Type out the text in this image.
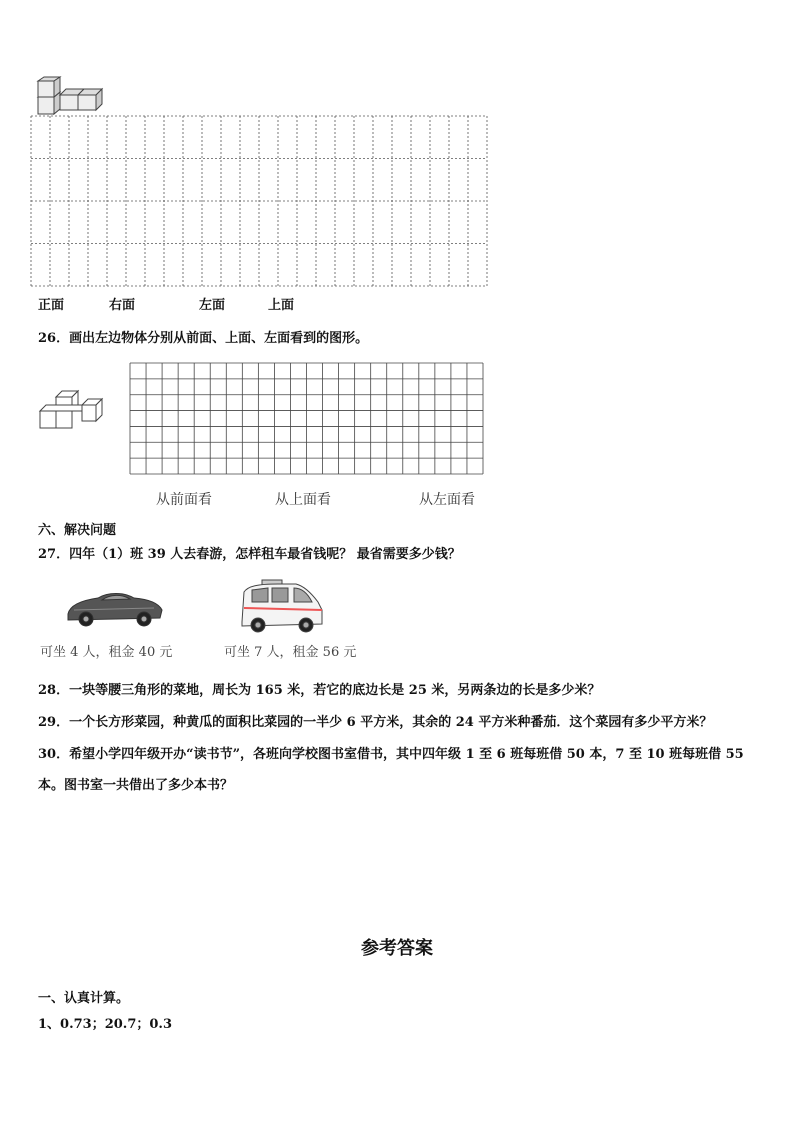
正面	右面	左面	上面
26．画出左边物体分别从前面、上面、左面看到的图形。
从前面看	从上面看	从左面看
六、解决问题
27．四年（1）班 39 人去春游，怎样租车最省钱呢？ 最省需要多少钱？
可坐 4 人，租金 40 元	可坐 7 人，租金 56 元
28．一块等腰三角形的菜地，周长为 165 米，若它的底边长是 25 米，另两条边的长是多少米？
29．一个长方形菜园，种黄瓜的面积比菜园的一半少 6 平方米，其余的 24 平方米种番茄．这个菜园有多少平方米？
30．希望小学四年级开办“读书节”，各班向学校图书室借书，其中四年级 1 至 6 班每班借 50 本，7 至 10 班每班借 55
本。图书室一共借出了多少本书？
参考答案
一、认真计算。
1、0.73；20.7；0.3
